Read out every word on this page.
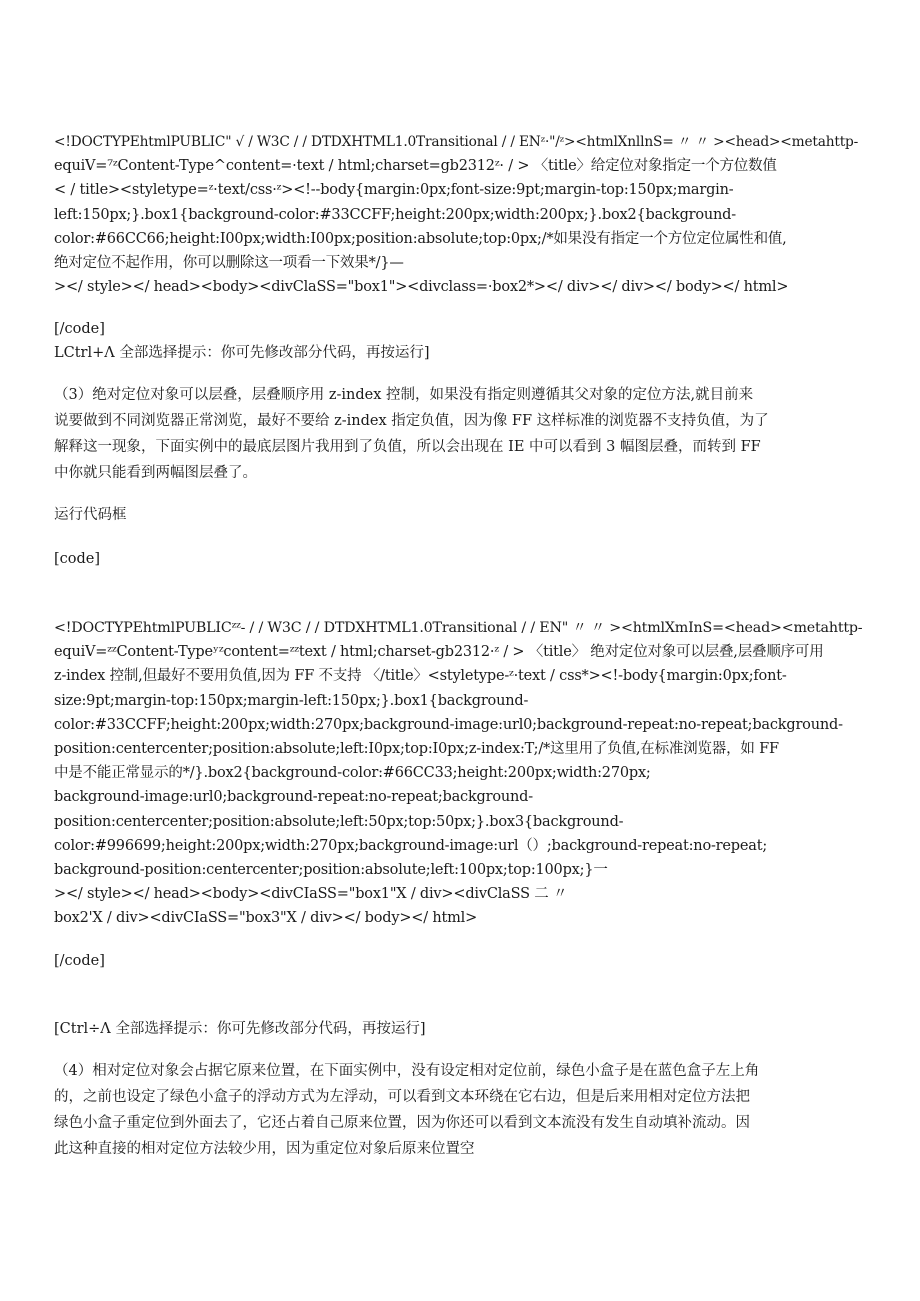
<!DOCTYPEhtmlPUBLIC" √ / W3C / / DTDXHTML1.0Transitional / / ENᶻ·"/ᶻ><htmlXnllnS= 〃 〃 ><head><metahttp-
equiV=⁷ᶻContent-Type^content=·text / html;charset=gb2312ᶻ· / > 〈title〉给定位对象指定一个方位数值
< / title><styletype=ᶻ·text/css·ᶻ><!--body{margin:0px;font-size:9pt;margin-top:150px;margin-
left:150px;}.box1{background-color:#33CCFF;height:200px;width:200px;}.box2{background-
color:#66CC66;height:I00px;width:I00px;position:absolute;top:0px;/*如果没有指定一个方位定位属性和值,
绝对定位不起作用，你可以删除这一项看一下效果*/}—
></ style></ head><body><divClaSS="box1"><divclass=·box2*></ div></ div></ body></ html>
[/code]
LCtrl+Λ 全部选择提示：你可先修改部分代码，再按运行]
（3）绝对定位对象可以层叠，层叠顺序用 z-index 控制，如果没有指定则遵循其父对象的定位方法,就目前来
说要做到不同浏览器正常浏览，最好不要给 z-index 指定负值，因为像 FF 这样标准的浏览器不支持负值，为了
解释这一现象，下面实例中的最底层图片我用到了负值，所以会出现在 IE 中可以看到 3 幅图层叠，而转到 FF
中你就只能看到两幅图层叠了。
运行代码框
[code]
<!DOCTYPEhtmlPUBLICᶻᶻ- / / W3C / / DTDXHTML1.0Transitional / / EN" 〃 〃 ><htmlXmInS=<head><metahttp-
equiV=ᶻᶻContent-Typeʸᶻcontent=ᶻᶻtext / html;charset-gb2312·ᶻ / > 〈title〉 绝对定位对象可以层叠,层叠顺序可用
z-index 控制,但最好不要用负值,因为 FF 不支持 〈/title〉<styletype-ᶻ·text / css*><!-body{margin:0px;font-
size:9pt;margin-top:150px;margin-left:150px;}.box1{background-
color:#33CCFF;height:200px;width:270px;background-image:url0;background-repeat:no-repeat;background-
position:centercenter;position:absolute;left:I0px;top:I0px;z-index:T;/*这里用了负值,在标准浏览器，如 FF
中是不能正常显示的*/}.box2{background-color:#66CC33;height:200px;width:270px;
background-image:url0;background-repeat:no-repeat;background-
position:centercenter;position:absolute;left:50px;top:50px;}.box3{background-
color:#996699;height:200px;width:270px;background-image:url（）;background-repeat:no-repeat;
background-position:centercenter;position:absolute;left:100px;top:100px;}一
></ style></ head><body><divCIaSS="box1"X / div><divClaSS 二 〃
box2'X / div><divCIaSS="box3"X / div></ body></ html>
[/code]
[Ctrl÷Λ 全部选择提示：你可先修改部分代码，再按运行]
（4）相对定位对象会占据它原来位置，在下面实例中，没有设定相对定位前，绿色小盒子是在蓝色盒子左上角
的，之前也设定了绿色小盒子的浮动方式为左浮动，可以看到文本环绕在它右边，但是后来用相对定位方法把
绿色小盒子重定位到外面去了，它还占着自己原来位置，因为你还可以看到文本流没有发生自动填补流动。因
此这种直接的相对定位方法较少用，因为重定位对象后原来位置空
